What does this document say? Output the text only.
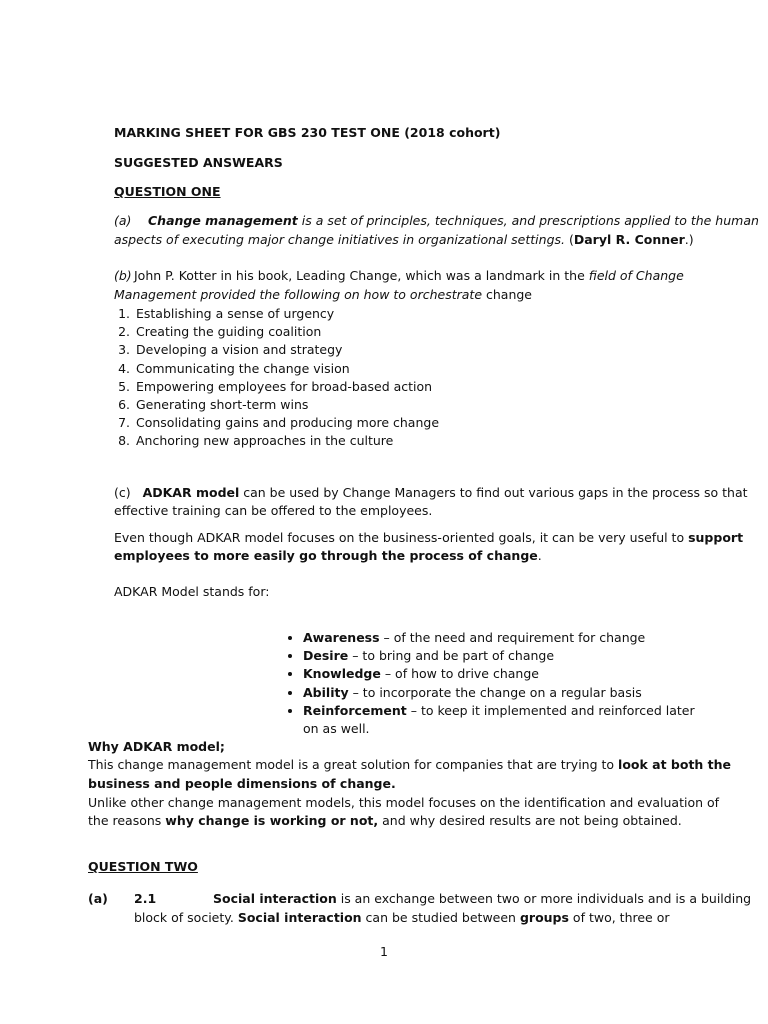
MARKING SHEET FOR GBS 230 TEST ONE (2018 cohort)
SUGGESTED ANSWEARS
QUESTION ONE
(a) Change management is a set of principles, techniques, and prescriptions applied to the human
aspects of executing major change initiatives in organizational settings. (Daryl R. Conner.)
(b) John P. Kotter in his book, Leading Change, which was a landmark in the field of Change
Management provided the following on how to orchestrate change
1. Establishing a sense of urgency
2. Creating the guiding coalition
3. Developing a vision and strategy
4. Communicating the change vision
5. Empowering employees for broad-based action
6. Generating short-term wins
7. Consolidating gains and producing more change
8. Anchoring new approaches in the culture
(c) ADKAR model can be used by Change Managers to find out various gaps in the process so that
effective training can be offered to the employees.
Even though ADKAR model focuses on the business-oriented goals, it can be very useful to support
employees to more easily go through the process of change.
ADKAR Model stands for:
• Awareness – of the need and requirement for change
• Desire – to bring and be part of change
• Knowledge – of how to drive change
• Ability – to incorporate the change on a regular basis
• Reinforcement – to keep it implemented and reinforced later on as well.
Why ADKAR model;
This change management model is a great solution for companies that are trying to look at both the
business and people dimensions of change.
Unlike other change management models, this model focuses on the identification and evaluation of
the reasons why change is working or not, and why desired results are not being obtained.
QUESTION TWO
(a) 2.1	Social interaction is an exchange between two or more individuals and is a building
block of society. Social interaction can be studied between groups of two, three or
1
